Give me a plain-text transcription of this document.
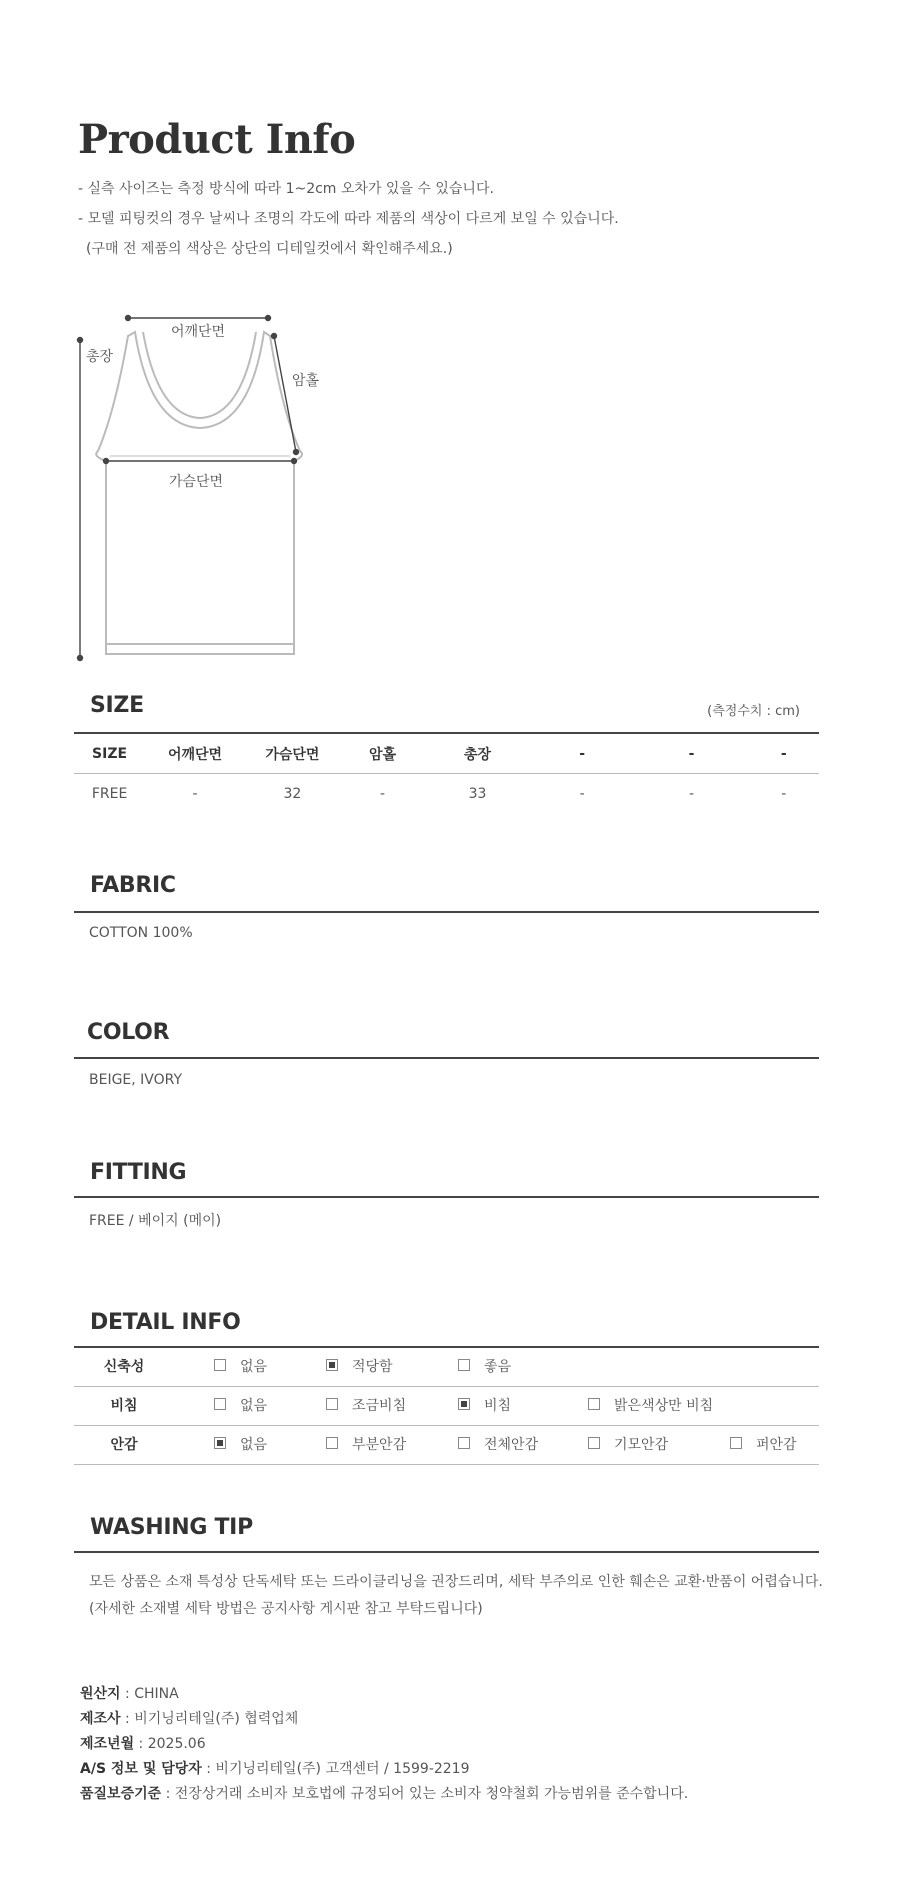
Product Info
- 실측 사이즈는 측정 방식에 따라 1~2cm 오차가 있을 수 있습니다.
- 모델 피팅컷의 경우 날씨나 조명의 각도에 따라 제품의 색상이 다르게 보일 수 있습니다.
(구매 전 제품의 색상은 상단의 디테일컷에서 확인해주세요.)
어깨단면
총장
암홀
가슴단면
SIZE	(측정수치 : cm)
SIZE	어깨단면	가슴단면	암홀	총장	-	-	-
FREE	-	32	-	33	-	-	-
FABRIC
COTTON 100%
COLOR
BEIGE, IVORY
FITTING
FREE / 베이지 (메이)
DETAIL INFO
신축성	없음	적당함	좋음
비침	없음	조금비침	비침	밝은색상만 비침
안감	없음	부분안감	전체안감	기모안감	퍼안감
WASHING TIP
모든 상품은 소재 특성상 단독세탁 또는 드라이클리닝을 권장드리며, 세탁 부주의로 인한 훼손은 교환·반품이 어렵습니다.
(자세한 소재별 세탁 방법은 공지사항 게시판 참고 부탁드립니다)
원산지 : CHINA
제조사 : 비기닝리테일(주) 협력업체
제조년월 : 2025.06
A/S 정보 및 담당자 : 비기닝리테일(주) 고객센터 / 1599-2219
품질보증기준 : 전장상거래 소비자 보호법에 규정되어 있는 소비자 청약철회 가능범위를 준수합니다.
